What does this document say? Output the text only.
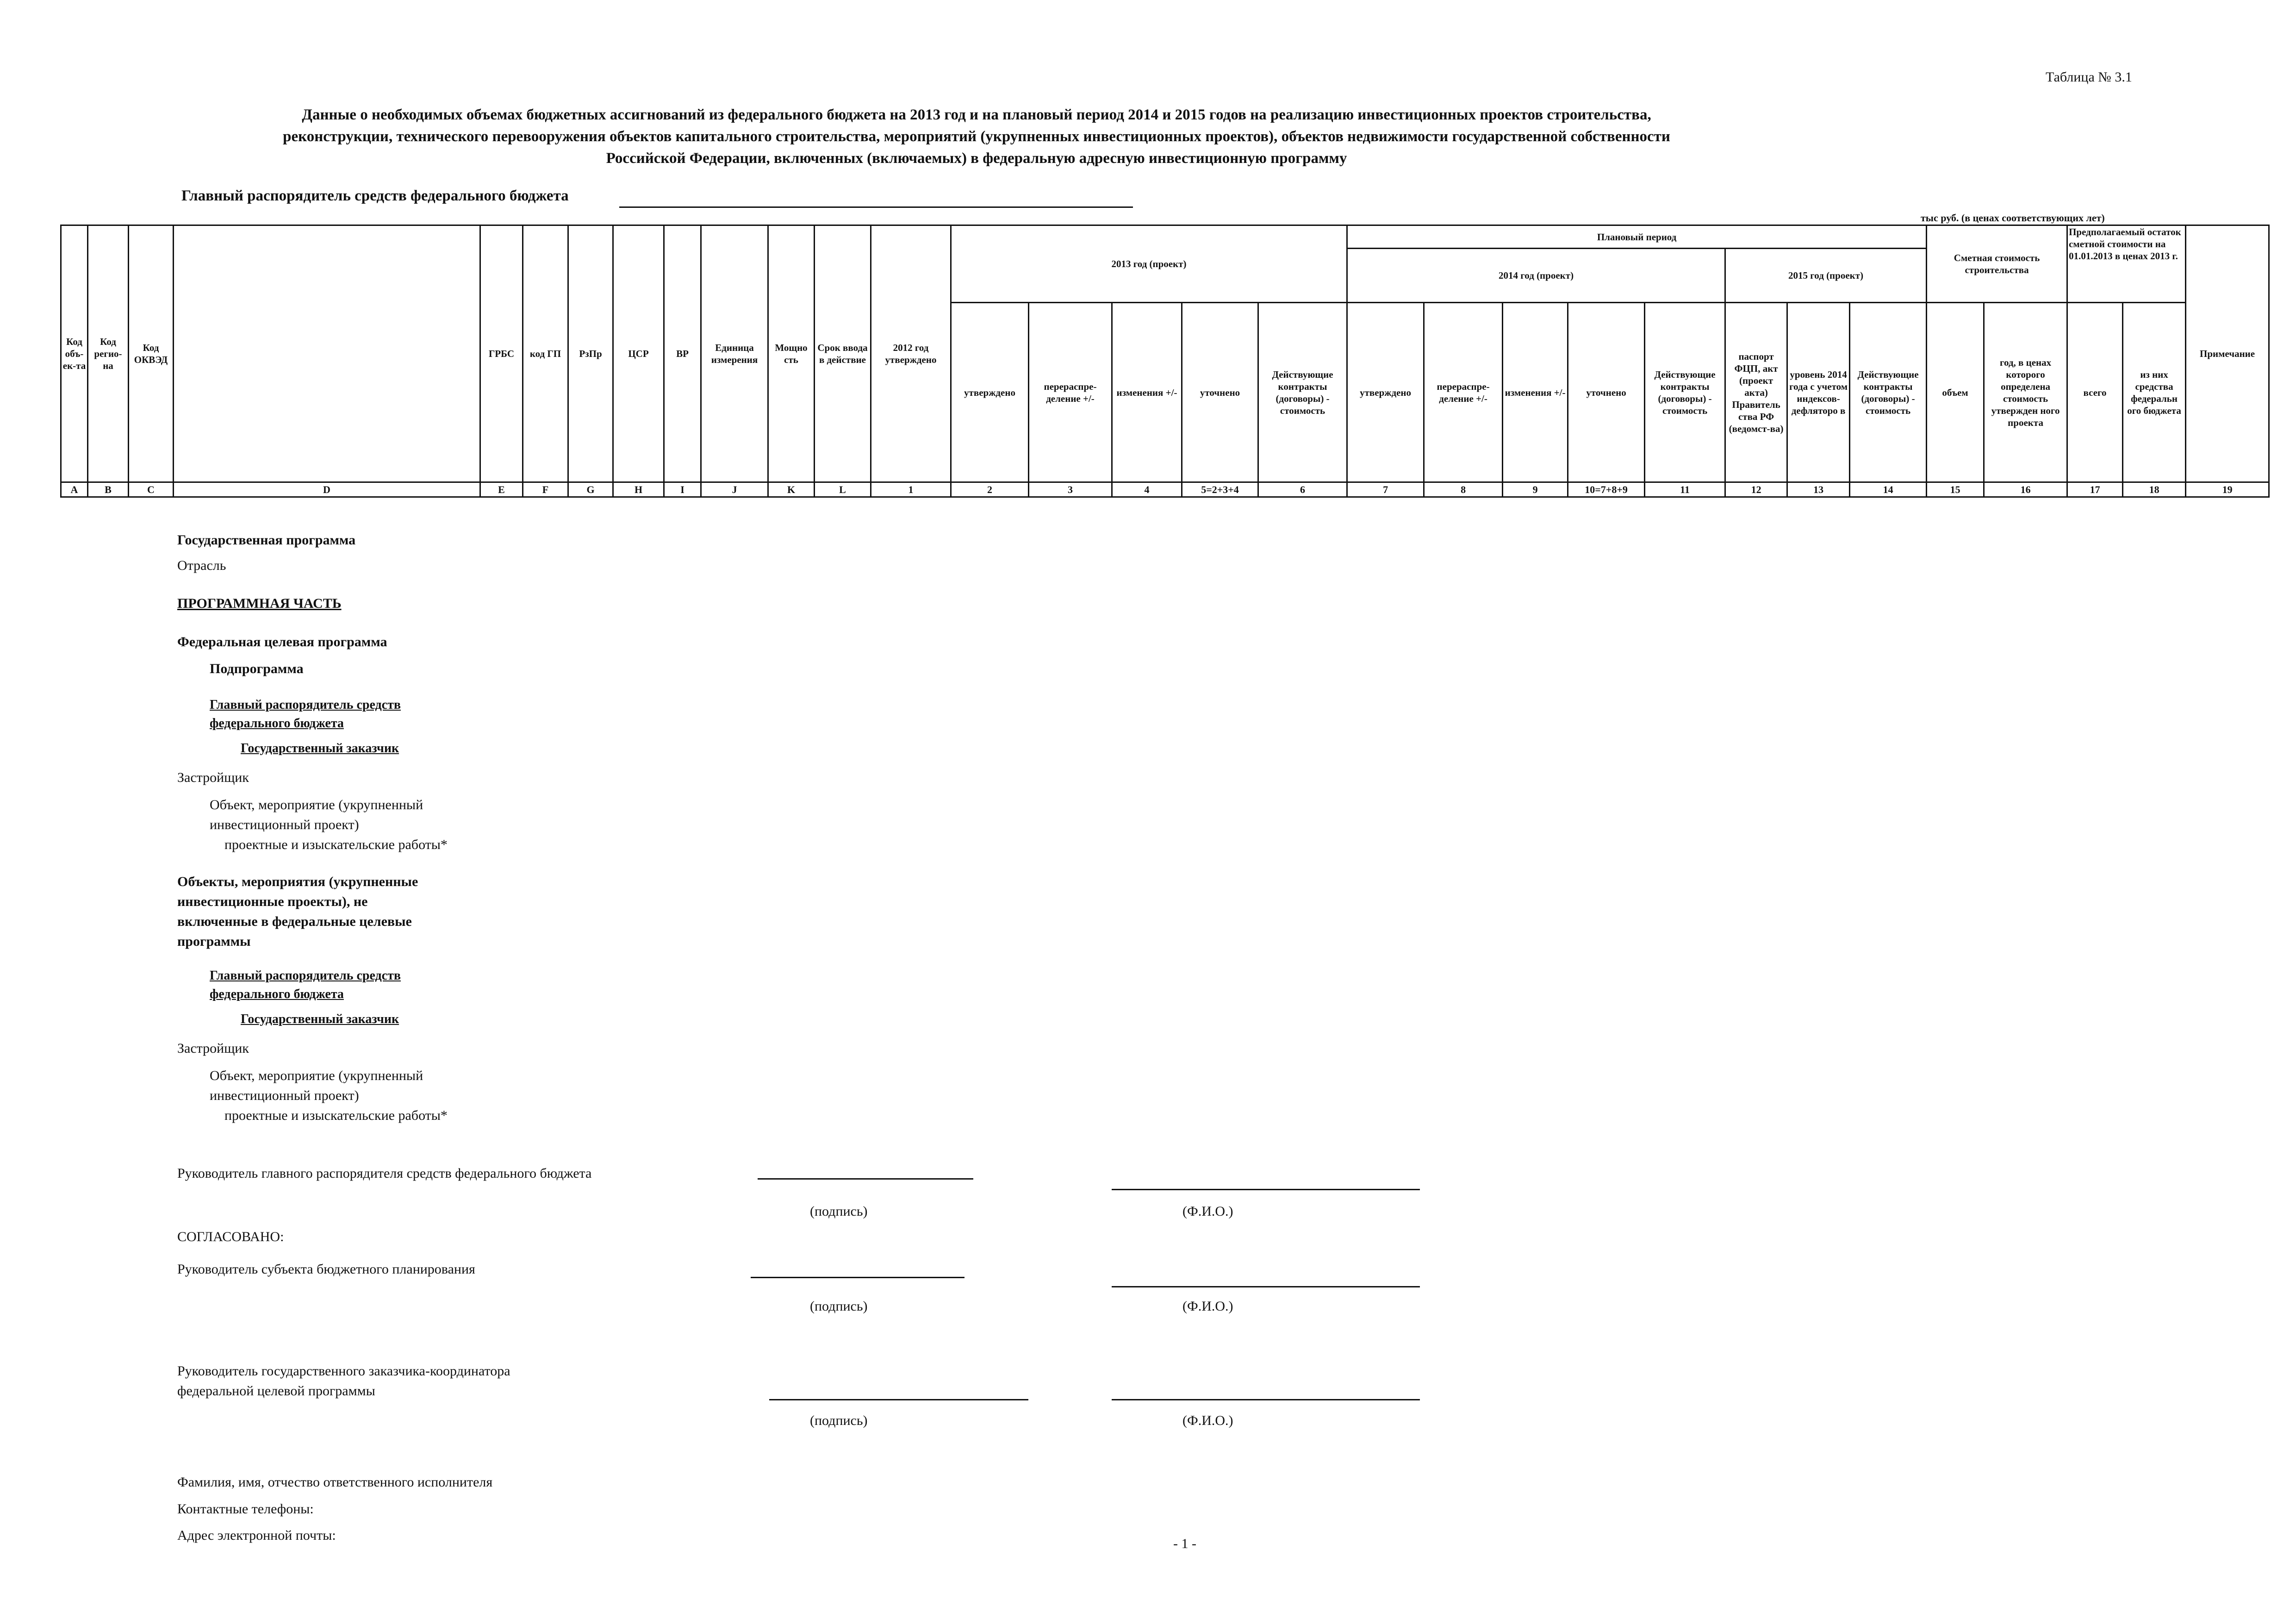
Таблица № 3.1
Данные о необходимых объемах бюджетных ассигнований из федерального бюджета на 2013 год и на плановый период 2014 и 2015 годов на реализацию инвестиционных проектов строительства,
реконструкции, технического перевооружения объектов капитального строительства, мероприятий (укрупненных инвестиционных проектов), объектов недвижимости государственной собственности
Российской Федерации, включенных (включаемых) в федеральную адресную инвестиционную программу
Главный распорядитель средств федерального бюджета
тыс руб. (в ценах соответствующих лет)
Код объ-ек-та	Код регио-на	Код ОКВЭД		ГРБС	код ГП	РзПр	ЦСР	ВР	Единица измерения	Мощно сть	Срок ввода в действие	2012 год утверждено	2013 год (проект)					Плановый период								Сметная стоимость строительства		Предполагаемый остаток сметной стоимости на 01.01.2013 в ценах 2013 г.		Примечание
																		2014 год (проект)					2015 год (проект)							
													утверждено	перераспре-деление +/-	изменения +/-	уточнено	Действующие контракты (договоры) - стоимость	утверждено	перераспре-деление +/-	изменения +/-	уточнено	Действующие контракты (договоры) - стоимость	паспорт ФЦП, акт (проект акта) Правитель ства РФ (ведомст-ва)	уровень 2014 года с учетом индексов-дефляторо в	Действующие контракты (договоры) - стоимость	объем	год, в ценах которого определена стоимость утвержден ного проекта	всего	из них средства федеральн ого бюджета	
A	B	C	D	E	F	G	H	I	J	K	L	1	2	3	4	5=2+3+4	6	7	8	9	10=7+8+9	11	12	13	14	15	16	17	18	19
Государственная программа
Отрасль
ПРОГРАММНАЯ ЧАСТЬ
Федеральная целевая программа
Подпрограмма
Главный распорядитель средств
федерального бюджета
Государственный заказчик
Застройщик
Объект, мероприятие (укрупненный
инвестиционный проект)
проектные и изыскательские работы*
Объекты, мероприятия (укрупненные
инвестиционные проекты), не
включенные в федеральные целевые
программы
Главный распорядитель средств
федерального бюджета
Государственный заказчик
Застройщик
Объект, мероприятие (укрупненный
инвестиционный проект)
проектные и изыскательские работы*
Руководитель главного распорядителя средств федерального бюджета
(подпись)	(Ф.И.О.)
СОГЛАСОВАНО:
Руководитель субъекта бюджетного планирования
(подпись)	(Ф.И.О.)
Руководитель государственного заказчика-координатора
федеральной целевой программы
(подпись)	(Ф.И.О.)
Фамилия, имя, отчество ответственного исполнителя
Контактные телефоны:
Адрес электронной почты:
- 1 -
